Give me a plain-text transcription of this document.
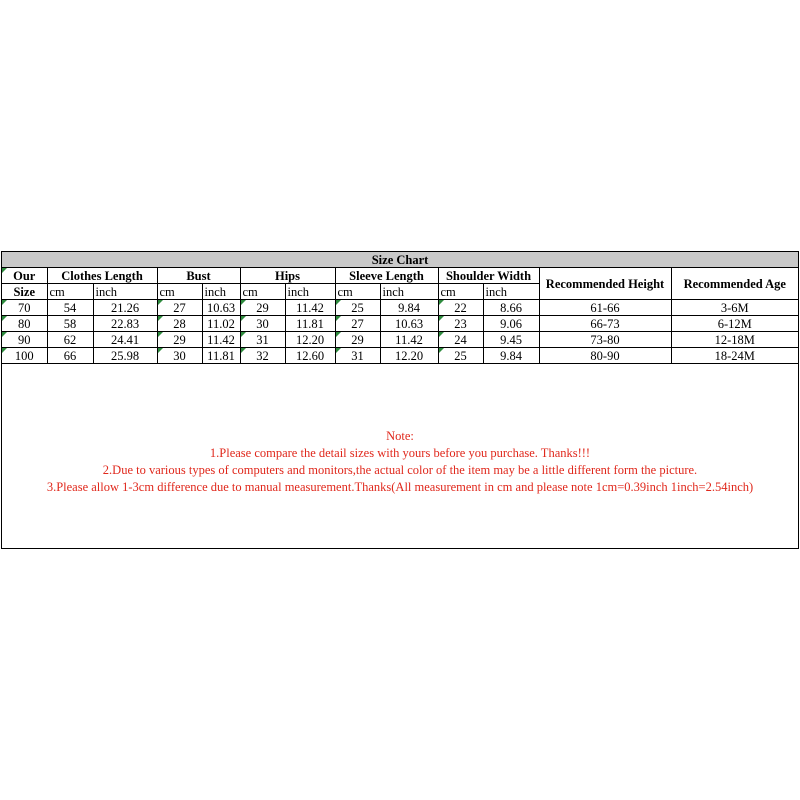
Size Chart												
Our	Clothes Length		Bust		Hips		Sleeve Length		Shoulder Width		Recommended Height	Recommended Age
Size	cm	inch	cm	inch	cm	inch	cm	inch	cm	inch		
70	54	21.26	27	10.63	29	11.42	25	9.84	22	8.66	61-66	3-6M
80	58	22.83	28	11.02	30	11.81	27	10.63	23	9.06	66-73	6-12M
90	62	24.41	29	11.42	31	12.20	29	11.42	24	9.45	73-80	12-18M
100	66	25.98	30	11.81	32	12.60	31	12.20	25	9.84	80-90	18-24M
Note:
1.Please compare the detail sizes with yours before you purchase. Thanks!!!
2.Due to various types of computers and monitors,the actual color of the item may be a little different form the picture.
3.Please allow 1-3cm difference due to manual measurement.Thanks(All measurement in cm and please note 1cm=0.39inch 1inch=2.54inch)
